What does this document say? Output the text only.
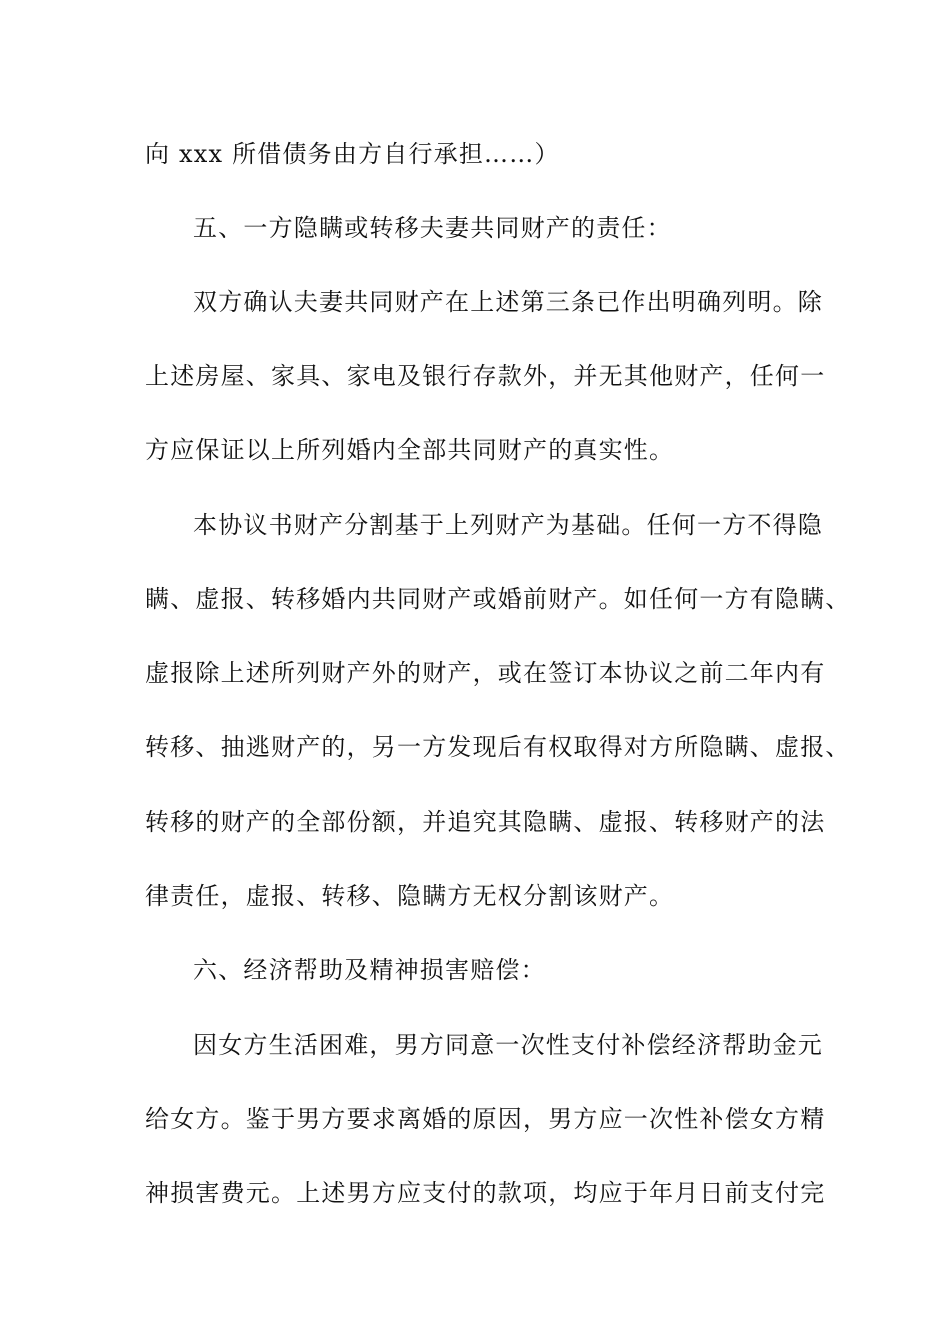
向 xxx 所借债务由方自行承担……）
五、一方隐瞒或转移夫妻共同财产的责任：
双方确认夫妻共同财产在上述第三条已作出明确列明。除
上述房屋、家具、家电及银行存款外，并无其他财产，任何一
方应保证以上所列婚内全部共同财产的真实性。
本协议书财产分割基于上列财产为基础。任何一方不得隐
瞒、虚报、转移婚内共同财产或婚前财产。如任何一方有隐瞒、
虚报除上述所列财产外的财产，或在签订本协议之前二年内有
转移、抽逃财产的，另一方发现后有权取得对方所隐瞒、虚报、
转移的财产的全部份额，并追究其隐瞒、虚报、转移财产的法
律责任，虚报、转移、隐瞒方无权分割该财产。
六、经济帮助及精神损害赔偿：
因女方生活困难，男方同意一次性支付补偿经济帮助金元
给女方。鉴于男方要求离婚的原因，男方应一次性补偿女方精
神损害费元。上述男方应支付的款项，均应于年月日前支付完
